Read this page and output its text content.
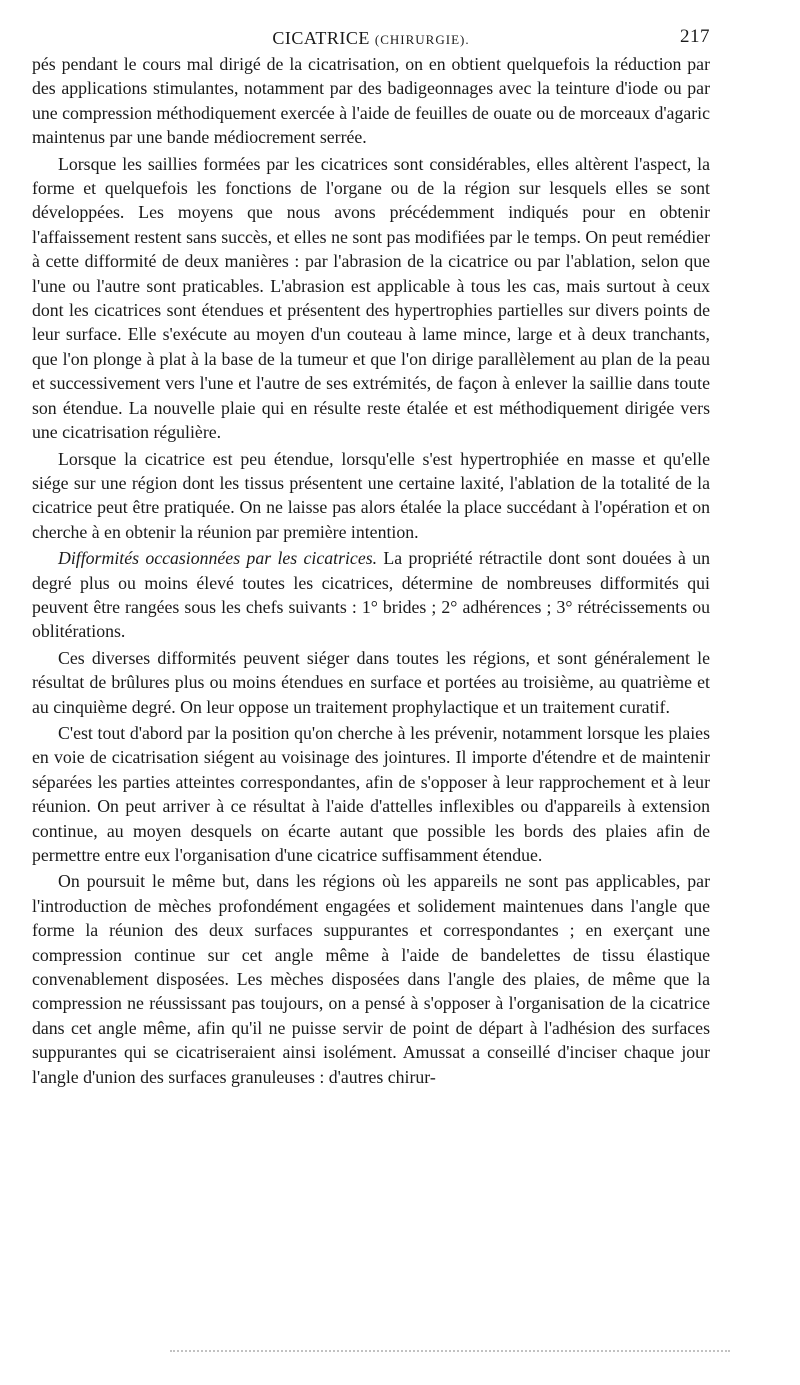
CICATRICE (CHIRURGIE).	217

pés pendant le cours mal dirigé de la cicatrisation, on en obtient quelquefois la réduction par des applications stimulantes, notamment par des badigeonnages avec la teinture d'iode ou par une compression méthodiquement exercée à l'aide de feuilles de ouate ou de morceaux d'agaric maintenus par une bande médiocrement serrée.

Lorsque les saillies formées par les cicatrices sont considérables, elles altèrent l'aspect, la forme et quelquefois les fonctions de l'organe ou de la région sur lesquels elles se sont développées. Les moyens que nous avons précédemment indiqués pour en obtenir l'affaissement restent sans succès, et elles ne sont pas modifiées par le temps. On peut remédier à cette difformité de deux manières : par l'abrasion de la cicatrice ou par l'ablation, selon que l'une ou l'autre sont praticables. L'abrasion est applicable à tous les cas, mais surtout à ceux dont les cicatrices sont étendues et présentent des hypertrophies partielles sur divers points de leur surface. Elle s'exécute au moyen d'un couteau à lame mince, large et à deux tranchants, que l'on plonge à plat à la base de la tumeur et que l'on dirige parallèlement au plan de la peau et successivement vers l'une et l'autre de ses extrémités, de façon à enlever la saillie dans toute son étendue. La nouvelle plaie qui en résulte reste étalée et est méthodiquement dirigée vers une cicatrisation régulière.

Lorsque la cicatrice est peu étendue, lorsqu'elle s'est hypertrophiée en masse et qu'elle siége sur une région dont les tissus présentent une certaine laxité, l'ablation de la totalité de la cicatrice peut être pratiquée. On ne laisse pas alors étalée la place succédant à l'opération et on cherche à en obtenir la réunion par première intention.

Difformités occasionnées par les cicatrices. La propriété rétractile dont sont douées à un degré plus ou moins élevé toutes les cicatrices, détermine de nombreuses difformités qui peuvent être rangées sous les chefs suivants : 1° brides ; 2° adhérences ; 3° rétrécissements ou oblitérations.

Ces diverses difformités peuvent siéger dans toutes les régions, et sont généralement le résultat de brûlures plus ou moins étendues en surface et portées au troisième, au quatrième et au cinquième degré. On leur oppose un traitement prophylactique et un traitement curatif.

C'est tout d'abord par la position qu'on cherche à les prévenir, notamment lorsque les plaies en voie de cicatrisation siégent au voisinage des jointures. Il importe d'étendre et de maintenir séparées les parties atteintes correspondantes, afin de s'opposer à leur rapprochement et à leur réunion. On peut arriver à ce résultat à l'aide d'attelles inflexibles ou d'appareils à extension continue, au moyen desquels on écarte autant que possible les bords des plaies afin de permettre entre eux l'organisation d'une cicatrice suffisamment étendue.

On poursuit le même but, dans les régions où les appareils ne sont pas applicables, par l'introduction de mèches profondément engagées et solidement maintenues dans l'angle que forme la réunion des deux surfaces suppurantes et correspondantes ; en exerçant une compression continue sur cet angle même à l'aide de bandelettes de tissu élastique convenablement disposées. Les mèches disposées dans l'angle des plaies, de même que la compression ne réussissant pas toujours, on a pensé à s'opposer à l'organisation de la cicatrice dans cet angle même, afin qu'il ne puisse servir de point de départ à l'adhésion des surfaces suppurantes qui se cicatriseraient ainsi isolément. Amussat a conseillé d'inciser chaque jour l'angle d'union des surfaces granuleuses : d'autres chirur-
